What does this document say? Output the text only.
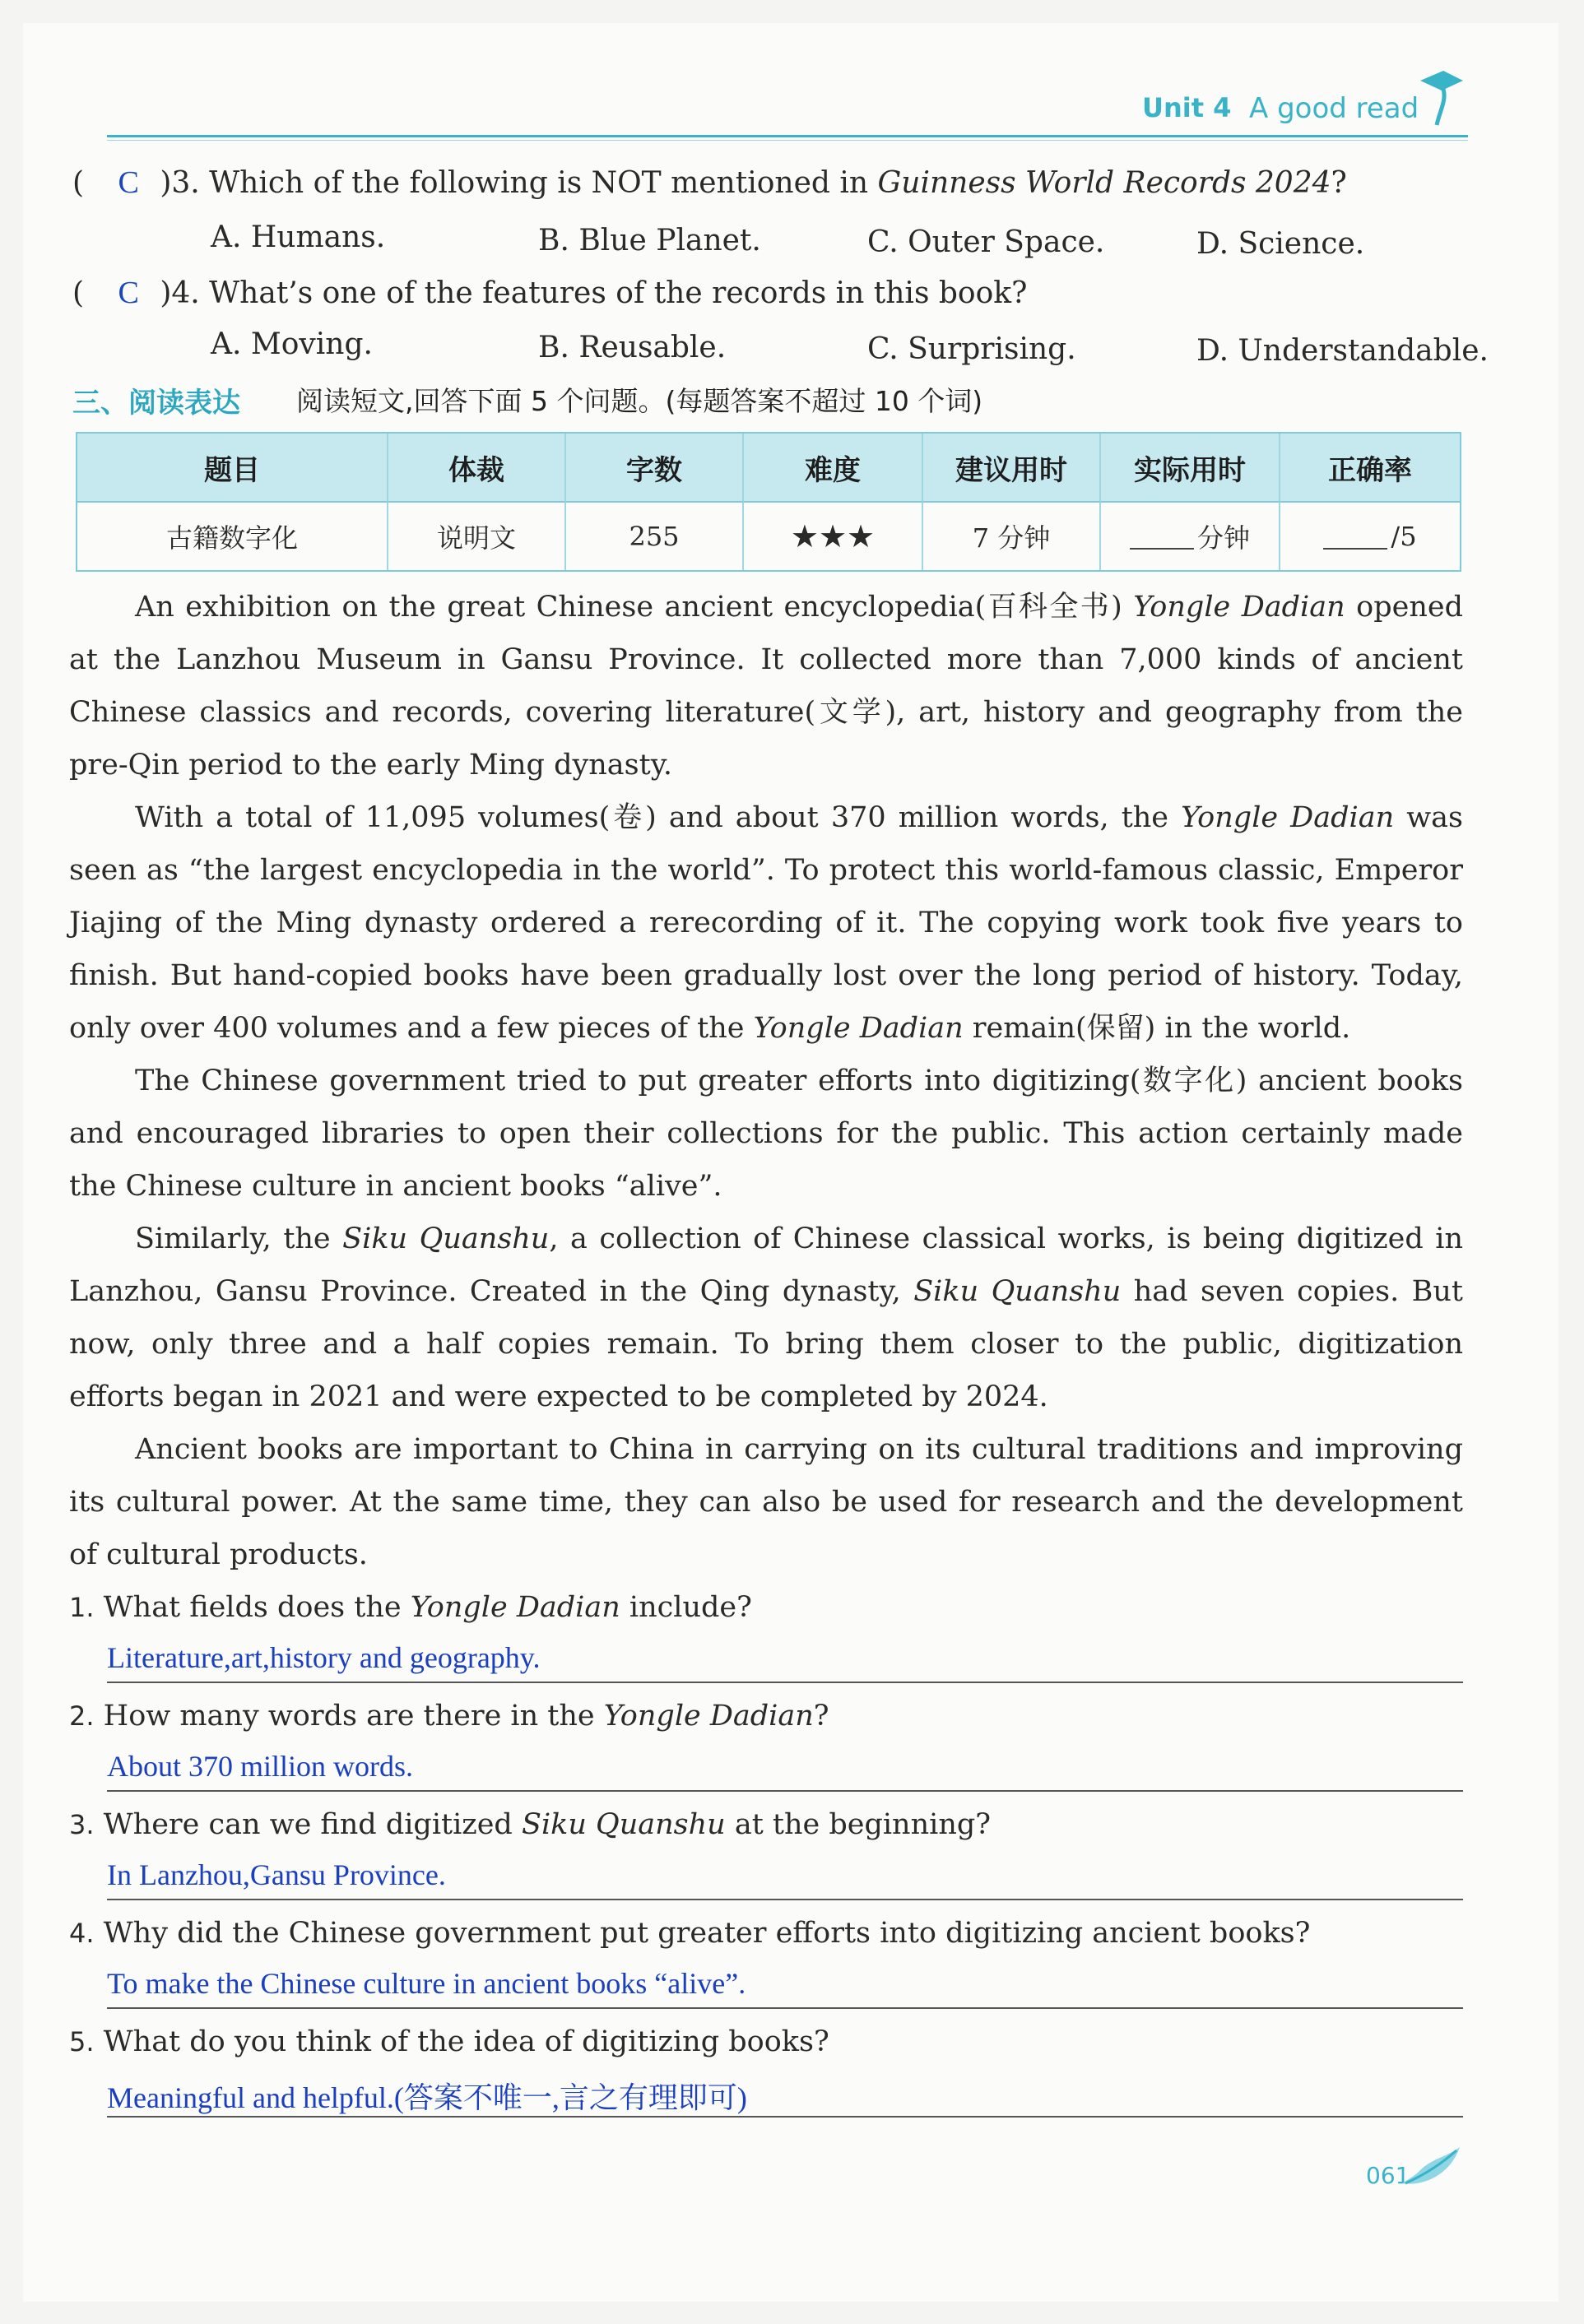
Unit 4 A good read
( C )3. Which of the following is NOT mentioned in Guinness World Records 2024?
A. Humans.	B. Blue Planet.	C. Outer Space.	D. Science.
( C )4. What’s one of the features of the records in this book?
A. Moving.	B. Reusable.	C. Surprising.	D. Understandable.
三、阅读表达 阅读短文,回答下面 5 个问题。(每题答案不超过 10 个词)
题目	体裁	字数	难度	建议用时	实际用时	正确率
古籍数字化	说明文	255	★★★	7 分钟	分钟	/5

An exhibition on the great Chinese ancient encyclopedia(百科全书) Yongle Dadian opened at the Lanzhou Museum in Gansu Province. It collected more than 7,000 kinds of ancient Chinese classics and records, covering literature(文学), art, history and geography from the pre-Qin period to the early Ming dynasty.

With a total of 11,095 volumes(卷) and about 370 million words, the Yongle Dadian was seen as “the largest encyclopedia in the world”. To protect this world-famous classic, Emperor Jiajing of the Ming dynasty ordered a rerecording of it. The copying work took five years to finish. But hand-copied books have been gradually lost over the long period of history. Today, only over 400 volumes and a few pieces of the Yongle Dadian remain(保留) in the world.

The Chinese government tried to put greater efforts into digitizing(数字化) ancient books and encouraged libraries to open their collections for the public. This action certainly made the Chinese culture in ancient books “alive”.

Similarly, the Siku Quanshu, a collection of Chinese classical works, is being digitized in Lanzhou, Gansu Province. Created in the Qing dynasty, Siku Quanshu had seven copies. But now, only three and a half copies remain. To bring them closer to the public, digitization efforts began in 2021 and were expected to be completed by 2024.

Ancient books are important to China in carrying on its cultural traditions and improving its cultural power. At the same time, they can also be used for research and the development of cultural products.

1. What fields does the Yongle Dadian include?
Literature,art,history and geography.
2. How many words are there in the Yongle Dadian?
About 370 million words.
3. Where can we find digitized Siku Quanshu at the beginning?
In Lanzhou,Gansu Province.
4. Why did the Chinese government put greater efforts into digitizing ancient books?
To make the Chinese culture in ancient books “alive”.
5. What do you think of the idea of digitizing books?
Meaningful and helpful.(答案不唯一,言之有理即可)
061
